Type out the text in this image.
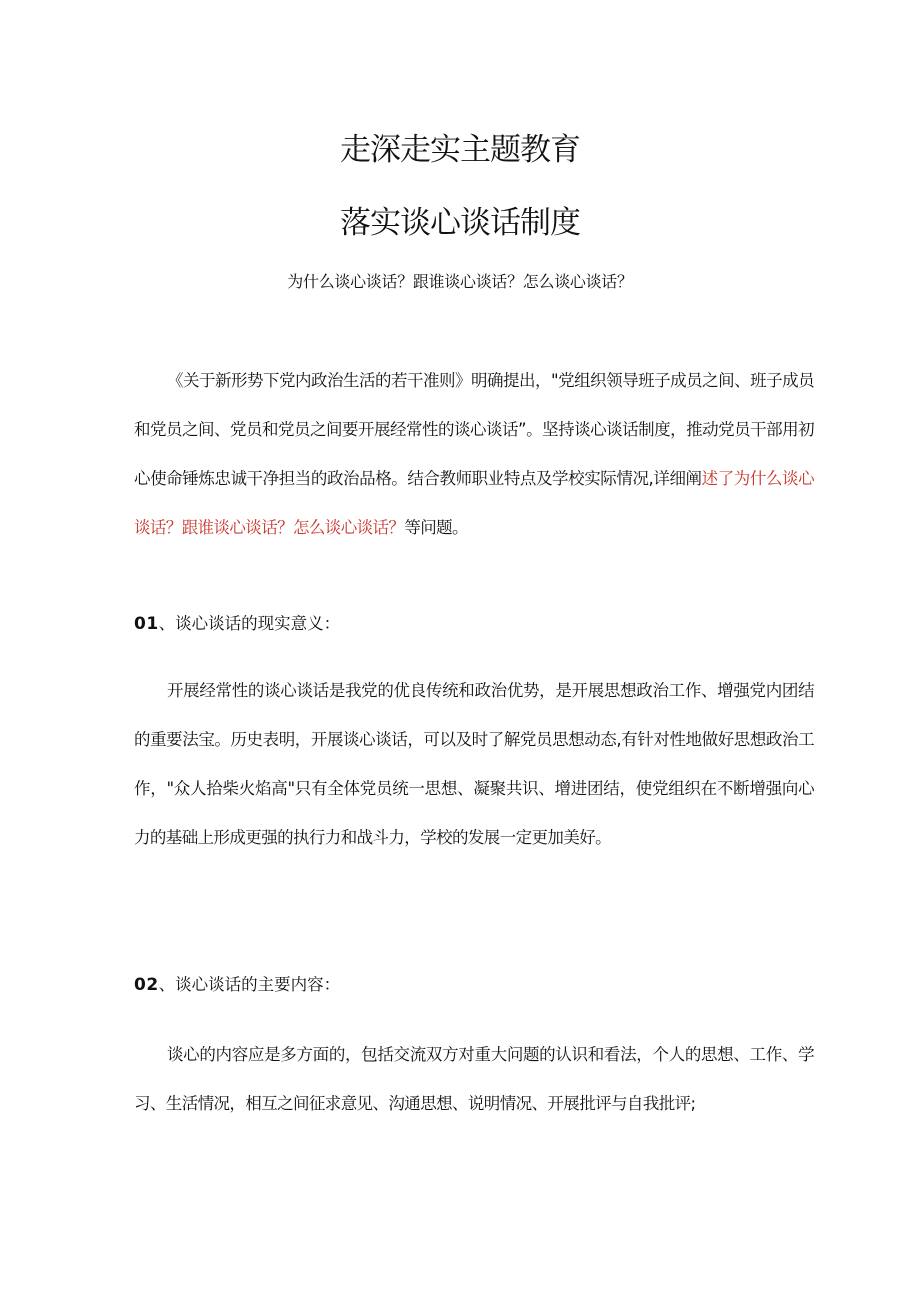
走深走实主题教育
落实谈心谈话制度
为什么谈心谈话？跟谁谈心谈话？怎么谈心谈话？

《关于新形势下党内政治生活的若干准则》明确提出，"党组织领导班子成员之间、班子成员和党员之间、党员和党员之间要开展经常性的谈心谈话”。坚持谈心谈话制度，推动党员干部用初心使命锤炼忠诚干净担当的政治品格。结合教师职业特点及学校实际情况,详细阐述了为什么谈心谈话？跟谁谈心谈话？怎么谈心谈话？等问题。

01、谈心谈话的现实意义：

开展经常性的谈心谈话是我党的优良传统和政治优势，是开展思想政治工作、增强党内团结的重要法宝。历史表明，开展谈心谈话，可以及时了解党员思想动态,有针对性地做好思想政治工作，"众人拾柴火焰高"只有全体党员统一思想、凝聚共识、增进团结，使党组织在不断增强向心力的基础上形成更强的执行力和战斗力，学校的发展一定更加美好。

02、谈心谈话的主要内容：

谈心的内容应是多方面的，包括交流双方对重大问题的认识和看法，个人的思想、工作、学习、生活情况，相互之间征求意见、沟通思想、说明情况、开展批评与自我批评;
